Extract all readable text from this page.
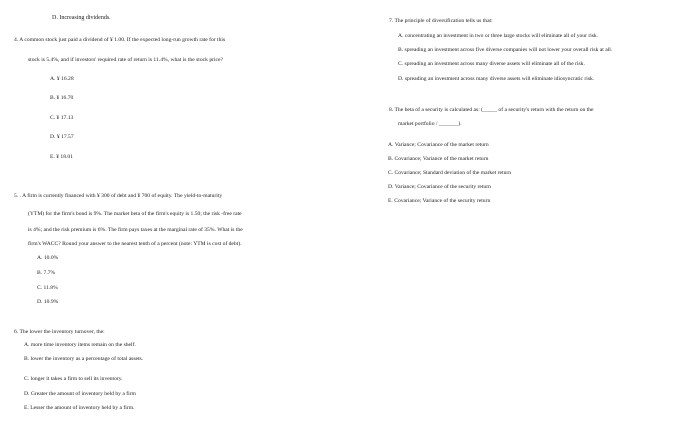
D. Increasing dividends.
4. A common stock just paid a dividend of ¥ 1.00. If the expected long-run growth rate for this
stock is 5.4%, and if investors' required rate of return is 11.4%, what is the stock price?
A. ¥ 16.28
B. ¥ 16.70
C. ¥ 17.13
D. ¥ 17.57
E. ¥ 18.01
5. . A firm is currently financed with ¥ 300 of debt and ¥ 700 of equity. The yield-to-maturity
(YTM) for the firm's bond is 9%. The market beta of the firm's equity is 1.50; the risk -free rate
is 4%; and the risk premium is 6%. The firm pays taxes at the marginal rate of 35%. What is the
firm's WACC? Round your answer to the nearest tenth of a percent (note: YTM is cost of debt).
A. 10.0%
B. 7.7%
C. 11.8%
D. 10.9%
6. The lower the inventory turnover, the:
A. more time inventory items remain on the shelf.
B. lower the inventory as a percentage of total assets.
C. longer it takes a firm to sell its inventory.
D. Greater the amount of inventory held by a firm
E. Lesser the amount of inventory held by a firm.
7. The principle of diversification tells us that:
A. concentrating an investment in two or three large stocks will eliminate all of your risk.
B. spreading an investment across five diverse companies will not lower your overall risk at all.
C. spreading an investment across many diverse assets will eliminate all of the risk.
D. spreading an investment across many diverse assets will eliminate idiosyncratic risk.
8. The beta of a security is calculated as: (_____ of a security's return with the return on the
market portfolio / _______).
A. Variance; Covariance of the market return
B. Covariance; Variance of the market return
C. Covariance; Standard deviation of the market return
D. Variance; Covariance of the security return
E. Covariance; Variance of the security return
